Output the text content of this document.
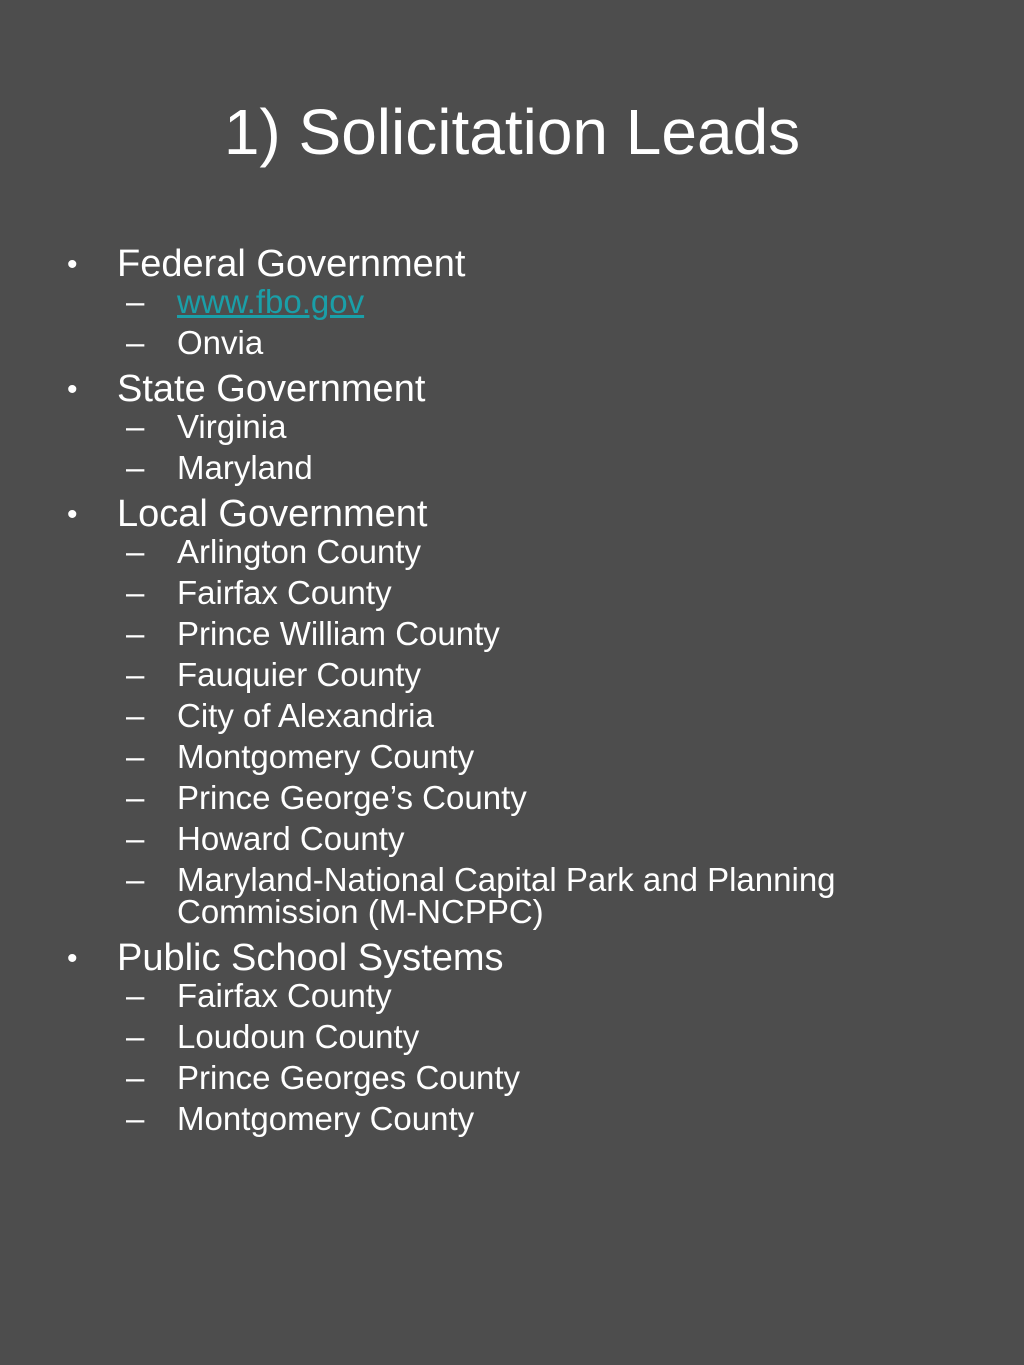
1) Solicitation Leads
• Federal Government
– www.fbo.gov
– Onvia
• State Government
– Virginia
– Maryland
• Local Government
– Arlington County
– Fairfax County
– Prince William County
– Fauquier County
– City of Alexandria
– Montgomery County
– Prince George’s County
– Howard County
– Maryland-National Capital Park and Planning Commission (M-NCPPC)
• Public School Systems
– Fairfax County
– Loudoun County
– Prince Georges County
– Montgomery County
